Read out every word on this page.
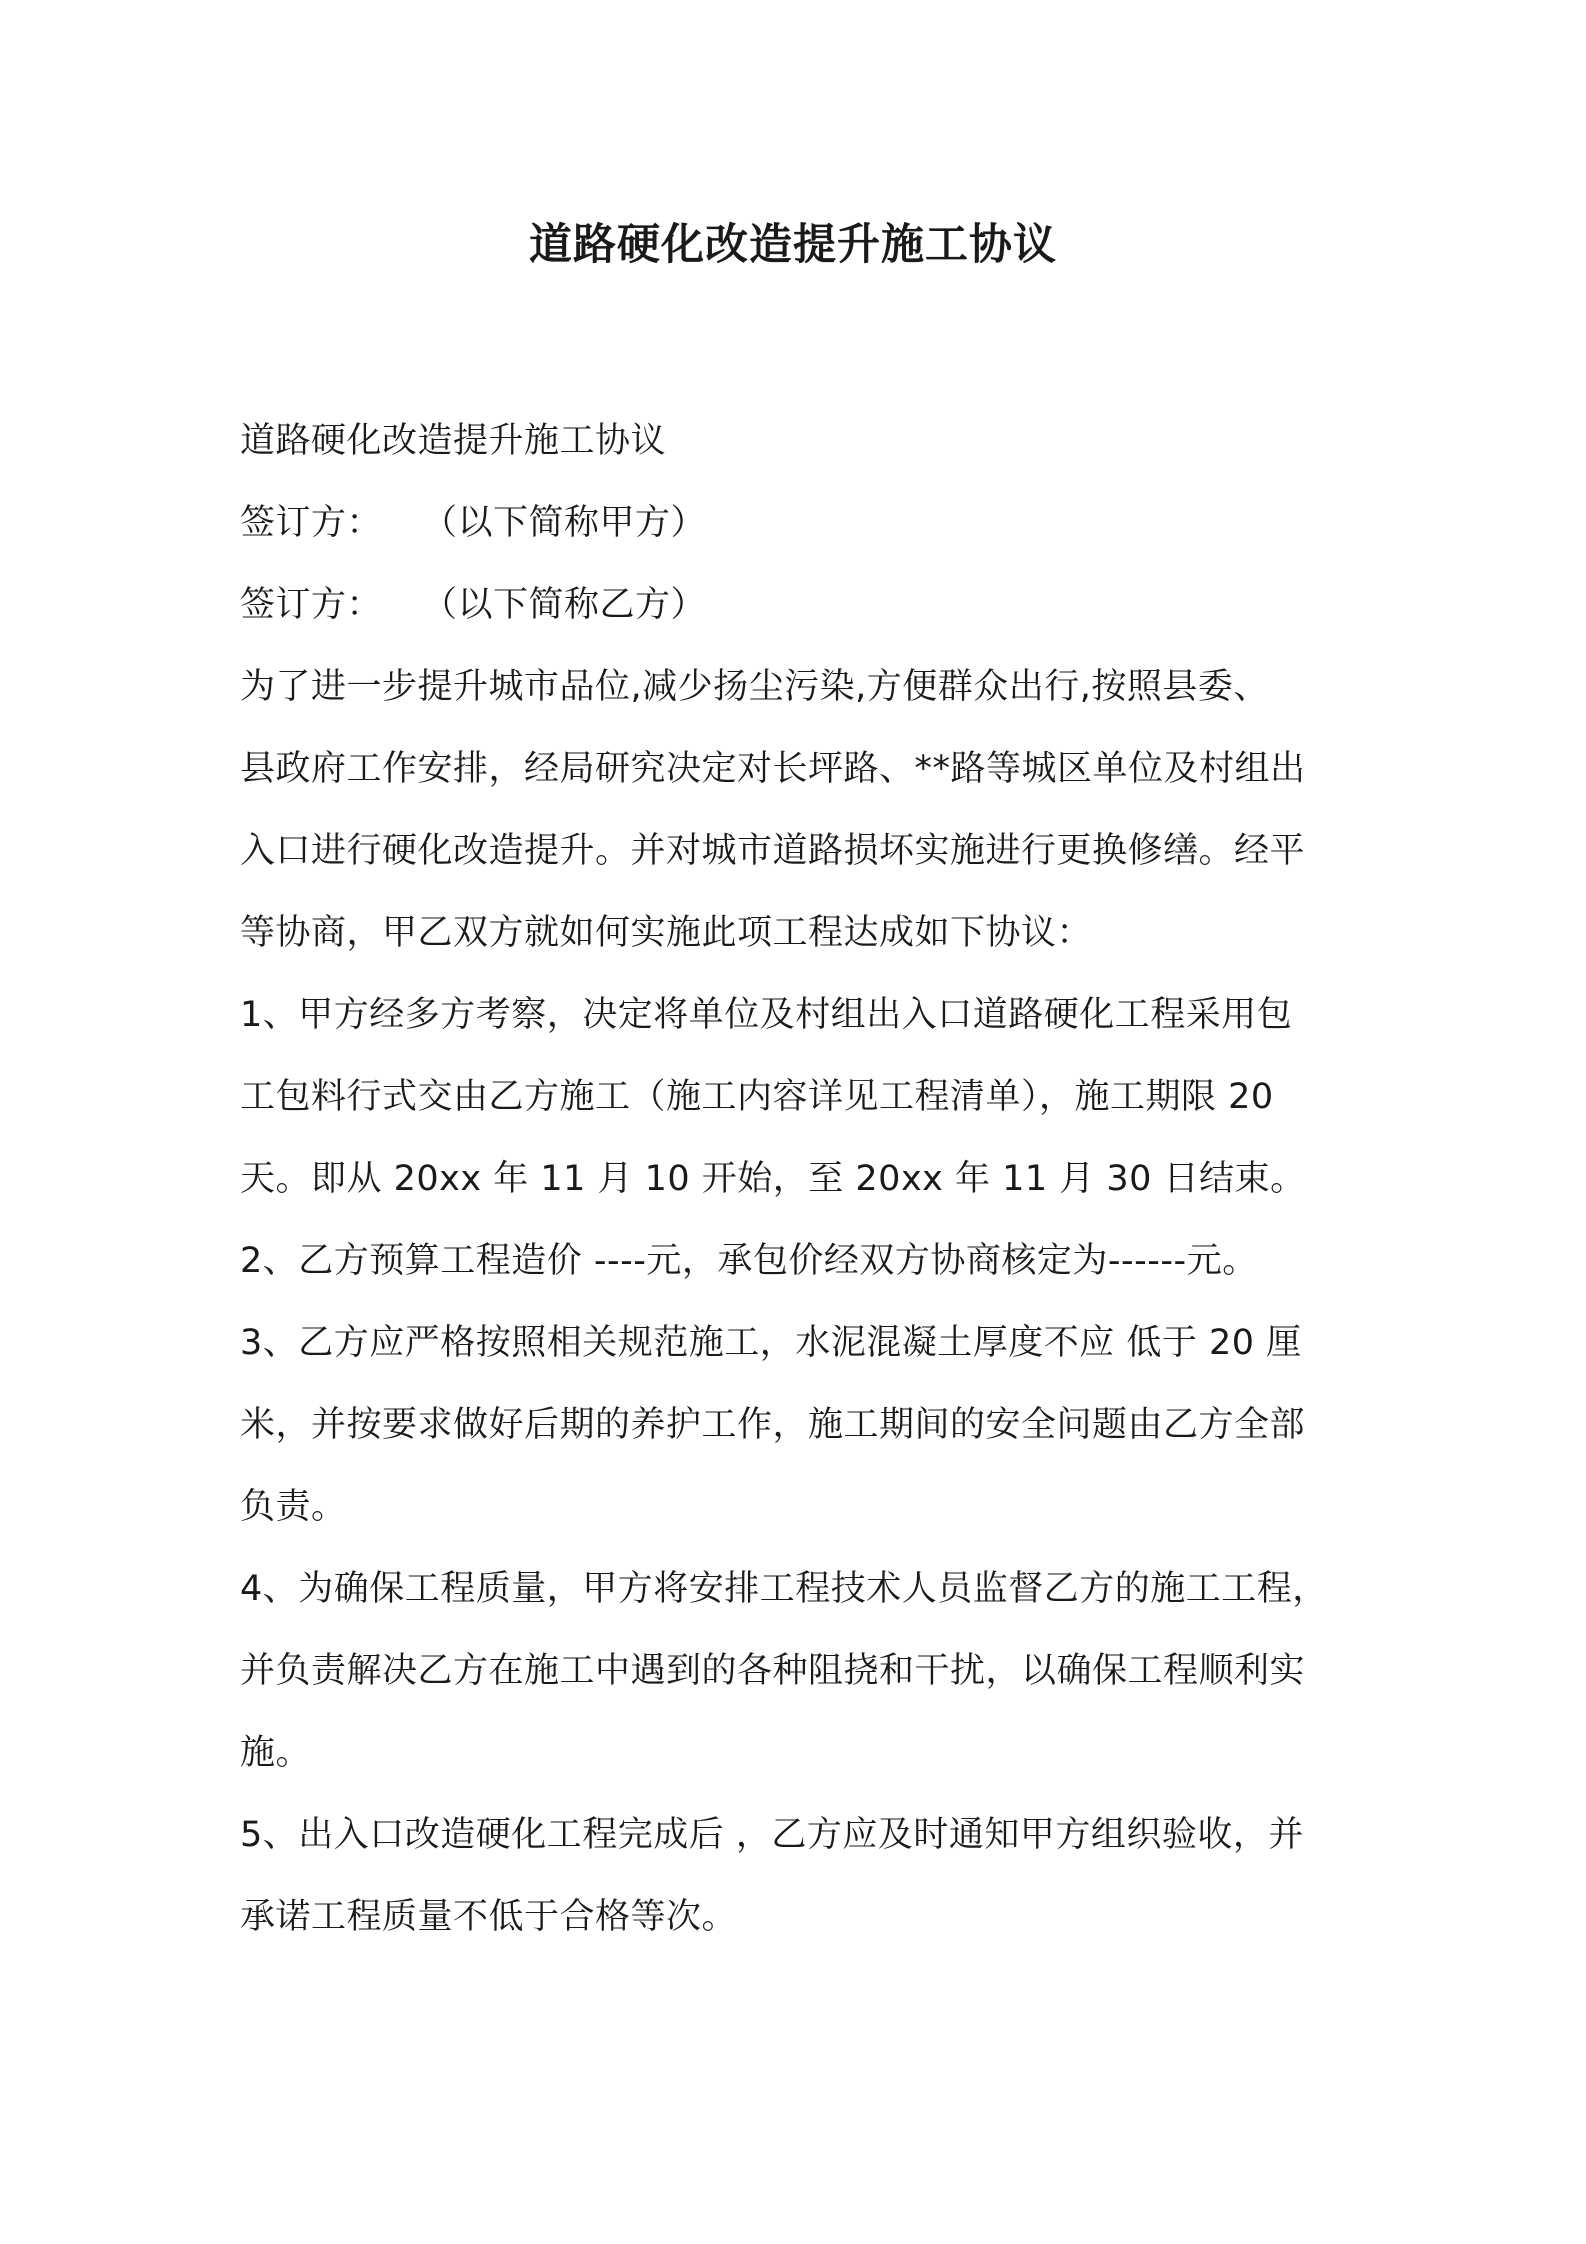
道路硬化改造提升施工协议
道路硬化改造提升施工协议
签订方： （以下简称甲方）
签订方： （以下简称乙方）
为了进一步提升城市品位,减少扬尘污染,方便群众出行,按照县委、
县政府工作安排，经局研究决定对长坪路、**路等城区单位及村组出
入口进行硬化改造提升。并对城市道路损坏实施进行更换修缮。经平
等协商，甲乙双方就如何实施此项工程达成如下协议：
1、甲方经多方考察，决定将单位及村组出入口道路硬化工程采用包
工包料行式交由乙方施工（施工内容详见工程清单），施工期限 20
天。即从 20xx 年 11 月 10 开始，至 20xx 年 11 月 30 日结束。
2、乙方预算工程造价 ----元，承包价经双方协商核定为------元。
3、乙方应严格按照相关规范施工，水泥混凝土厚度不应 低于 20 厘
米，并按要求做好后期的养护工作，施工期间的安全问题由乙方全部
负责。
4、为确保工程质量，甲方将安排工程技术人员监督乙方的施工工程，
并负责解决乙方在施工中遇到的各种阻挠和干扰，以确保工程顺利实
施。
5、出入口改造硬化工程完成后 ，乙方应及时通知甲方组织验收，并
承诺工程质量不低于合格等次。
